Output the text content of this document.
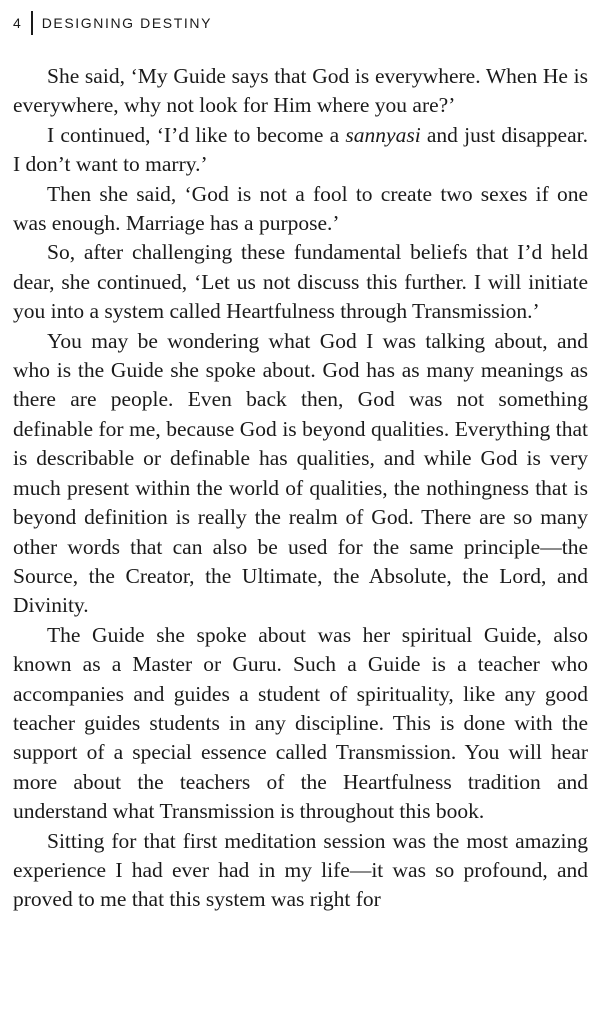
4	DESIGNING DESTINY

She said, ‘My Guide says that God is everywhere. When He is everywhere, why not look for Him where you are?’

I continued, ‘I’d like to become a sannyasi and just disappear. I don’t want to marry.’

Then she said, ‘God is not a fool to create two sexes if one was enough. Marriage has a purpose.’

So, after challenging these fundamental beliefs that I’d held dear, she continued, ‘Let us not discuss this further. I will initiate you into a system called Heartfulness through Transmission.’

You may be wondering what God I was talking about, and who is the Guide she spoke about. God has as many meanings as there are people. Even back then, God was not something definable for me, because God is beyond qualities. Everything that is describable or definable has qualities, and while God is very much present within the world of qualities, the nothingness that is beyond definition is really the realm of God. There are so many other words that can also be used for the same principle—the Source, the Creator, the Ultimate, the Absolute, the Lord, and Divinity.

The Guide she spoke about was her spiritual Guide, also known as a Master or Guru. Such a Guide is a teacher who accompanies and guides a student of spirituality, like any good teacher guides students in any discipline. This is done with the support of a special essence called Transmission. You will hear more about the teachers of the Heartfulness tradition and understand what Transmission is throughout this book.

Sitting for that first meditation session was the most amazing experience I had ever had in my life—it was so profound, and proved to me that this system was right for
